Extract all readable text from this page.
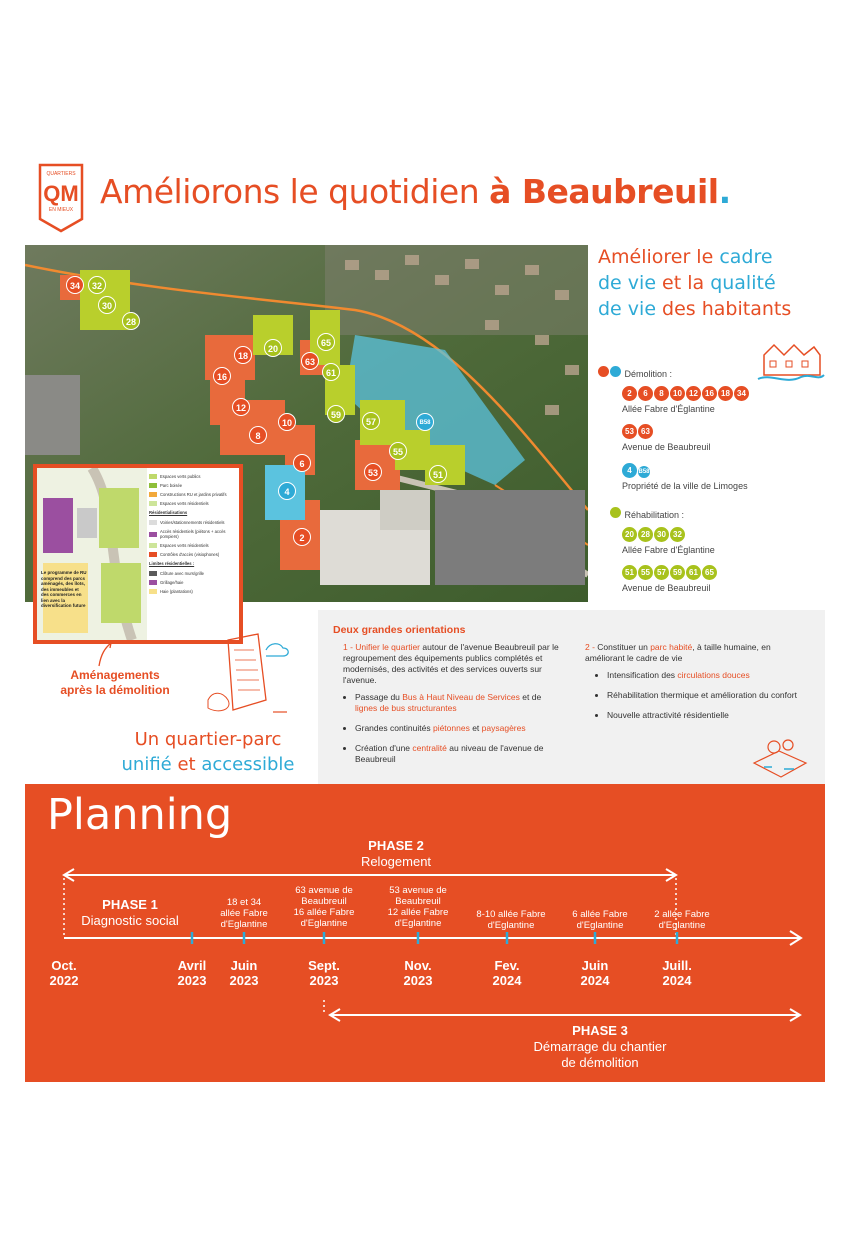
QUARTIERS
QM
EN MIEUX Améliorons le quotidien à Beaubreuil.
34	32
30
28
18
20
65
63
61
16
12
8
10
59
57	B58
55
6
53	51
4
2
Améliorer le cadre
de vie et la qualité
de vie des habitants
Démolition :
2 6 8 10 12 16 18 34
Allée Fabre d'Églantine
53 63
Avenue de Beaubreuil
4 B58
Propriété de la ville de Limoges
Réhabilitation :
20 28 30 32
Allée Fabre d'Églantine
51 55 57 59 61 65
Avenue de Beaubreuil
Le programme de RU comprend des parcs aménagés, des îlots, des immeubles et des commerces en lien avec la diversification future
Espaces verts publics
Parc boisée
Constructions RU et jardins privatifs
Espaces verts résidentiels
Résidentialisations
Voiries/stationnements résidentiels
Accès résidentiels (piétons + accès pompiers)
Espaces verts résidentiels
Contrôles d'accès (visiophones)
Limites résidentielles :
Clôture avec murs/grille
Grillage/haie
Haie (plantations)
Aménagements
après la démolition
Un quartier-parc
unifié et accessible
Deux grandes orientations
1 - Unifier le quartier autour de l'avenue Beaubreuil par le regroupement des équipements publics complétés et modernisés, des activités et des services ouverts sur l'avenue.
• Passage du Bus à Haut Niveau de Services et de lignes de bus structurantes
• Grandes continuités piétonnes et paysagères
• Création d'une centralité au niveau de l'avenue de Beaubreuil
2 - Constituer un parc habité, à taille humaine, en améliorant le cadre de vie
• Intensification des circulations douces
• Réhabilitation thermique et amélioration du confort
• Nouvelle attractivité résidentielle
Planning
PHASE 2
Relogement
PHASE 1
Diagnostic social
PHASE 3
Démarrage du chantier
de démolition
18 et 34
allée Fabre
d'Eglantine
63 avenue de
Beaubreuil
16 allée Fabre
d'Eglantine
53 avenue de
Beaubreuil
12 allée Fabre
d'Eglantine
8-10 allée Fabre
d'Eglantine
6 allée Fabre
d'Eglantine
2 allée Fabre
d'Eglantine
Oct.
2022
Avril
2023
Juin
2023
Sept.
2023
Nov.
2023
Fev.
2024
Juin
2024
Juill.
2024
